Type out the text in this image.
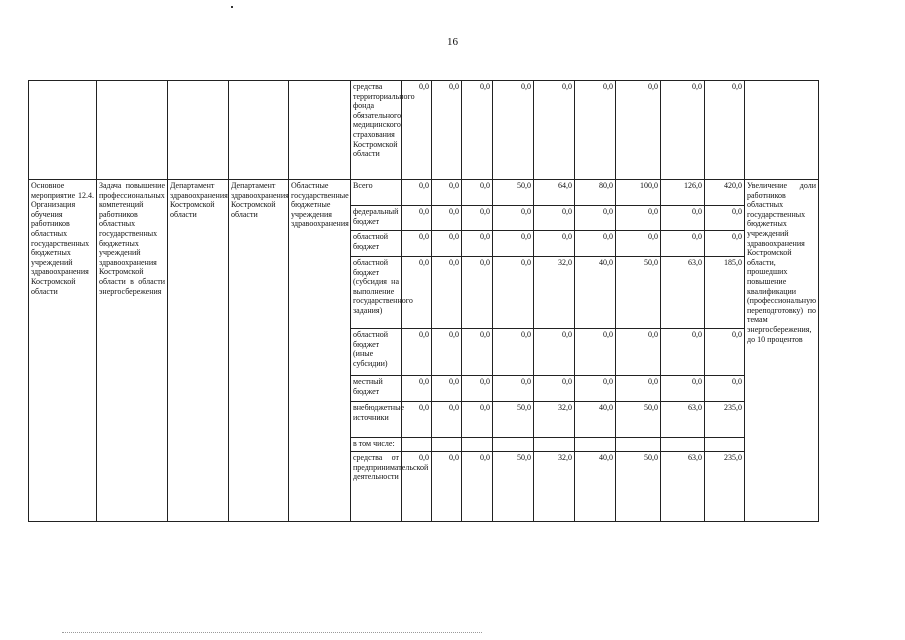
16
					средства территориального фонда обязательного медицинского страхования Костромской области	0,0	0,0	0,0	0,0	0,0	0,0	0,0	0,0	0,0	
Основное мероприятие 12.4. Организация обучения работников областных государственных бюджетных учреждений здравоохранения Костромской области	Задача повышение профессиональных компетенций работников областных государственных бюджетных учреждений здравоохранения Костромской области в области энергосбережения	Департамент здравоохранения Костромской области	Департамент здравоохранения Костромской области	Областные государственные бюджетные учреждения здравоохранения	Всего	0,0	0,0	0,0	50,0	64,0	80,0	100,0	126,0	420,0	Увеличение доли работников областных государственных бюджетных учреждений здравоохранения Костромской области, прошедших повышение квалификации (профессиональную переподготовку) по темам энергосбережения, до 10 процентов
					федеральный бюджет	0,0	0,0	0,0	0,0	0,0	0,0	0,0	0,0	0,0	
					областной бюджет	0,0	0,0	0,0	0,0	0,0	0,0	0,0	0,0	0,0	
					областной бюджет (субсидия на выполнение государственного задания)	0,0	0,0	0,0	0,0	32,0	40,0	50,0	63,0	185,0	
					областной бюджет (иные субсидии)	0,0	0,0	0,0	0,0	0,0	0,0	0,0	0,0	0,0	
					местный бюджет	0,0	0,0	0,0	0,0	0,0	0,0	0,0	0,0	0,0	
					внебюджетные источники	0,0	0,0	0,0	50,0	32,0	40,0	50,0	63,0	235,0	
					в том числе:										
					средства от предпринимательской деятельности	0,0	0,0	0,0	50,0	32,0	40,0	50,0	63,0	235,0	
